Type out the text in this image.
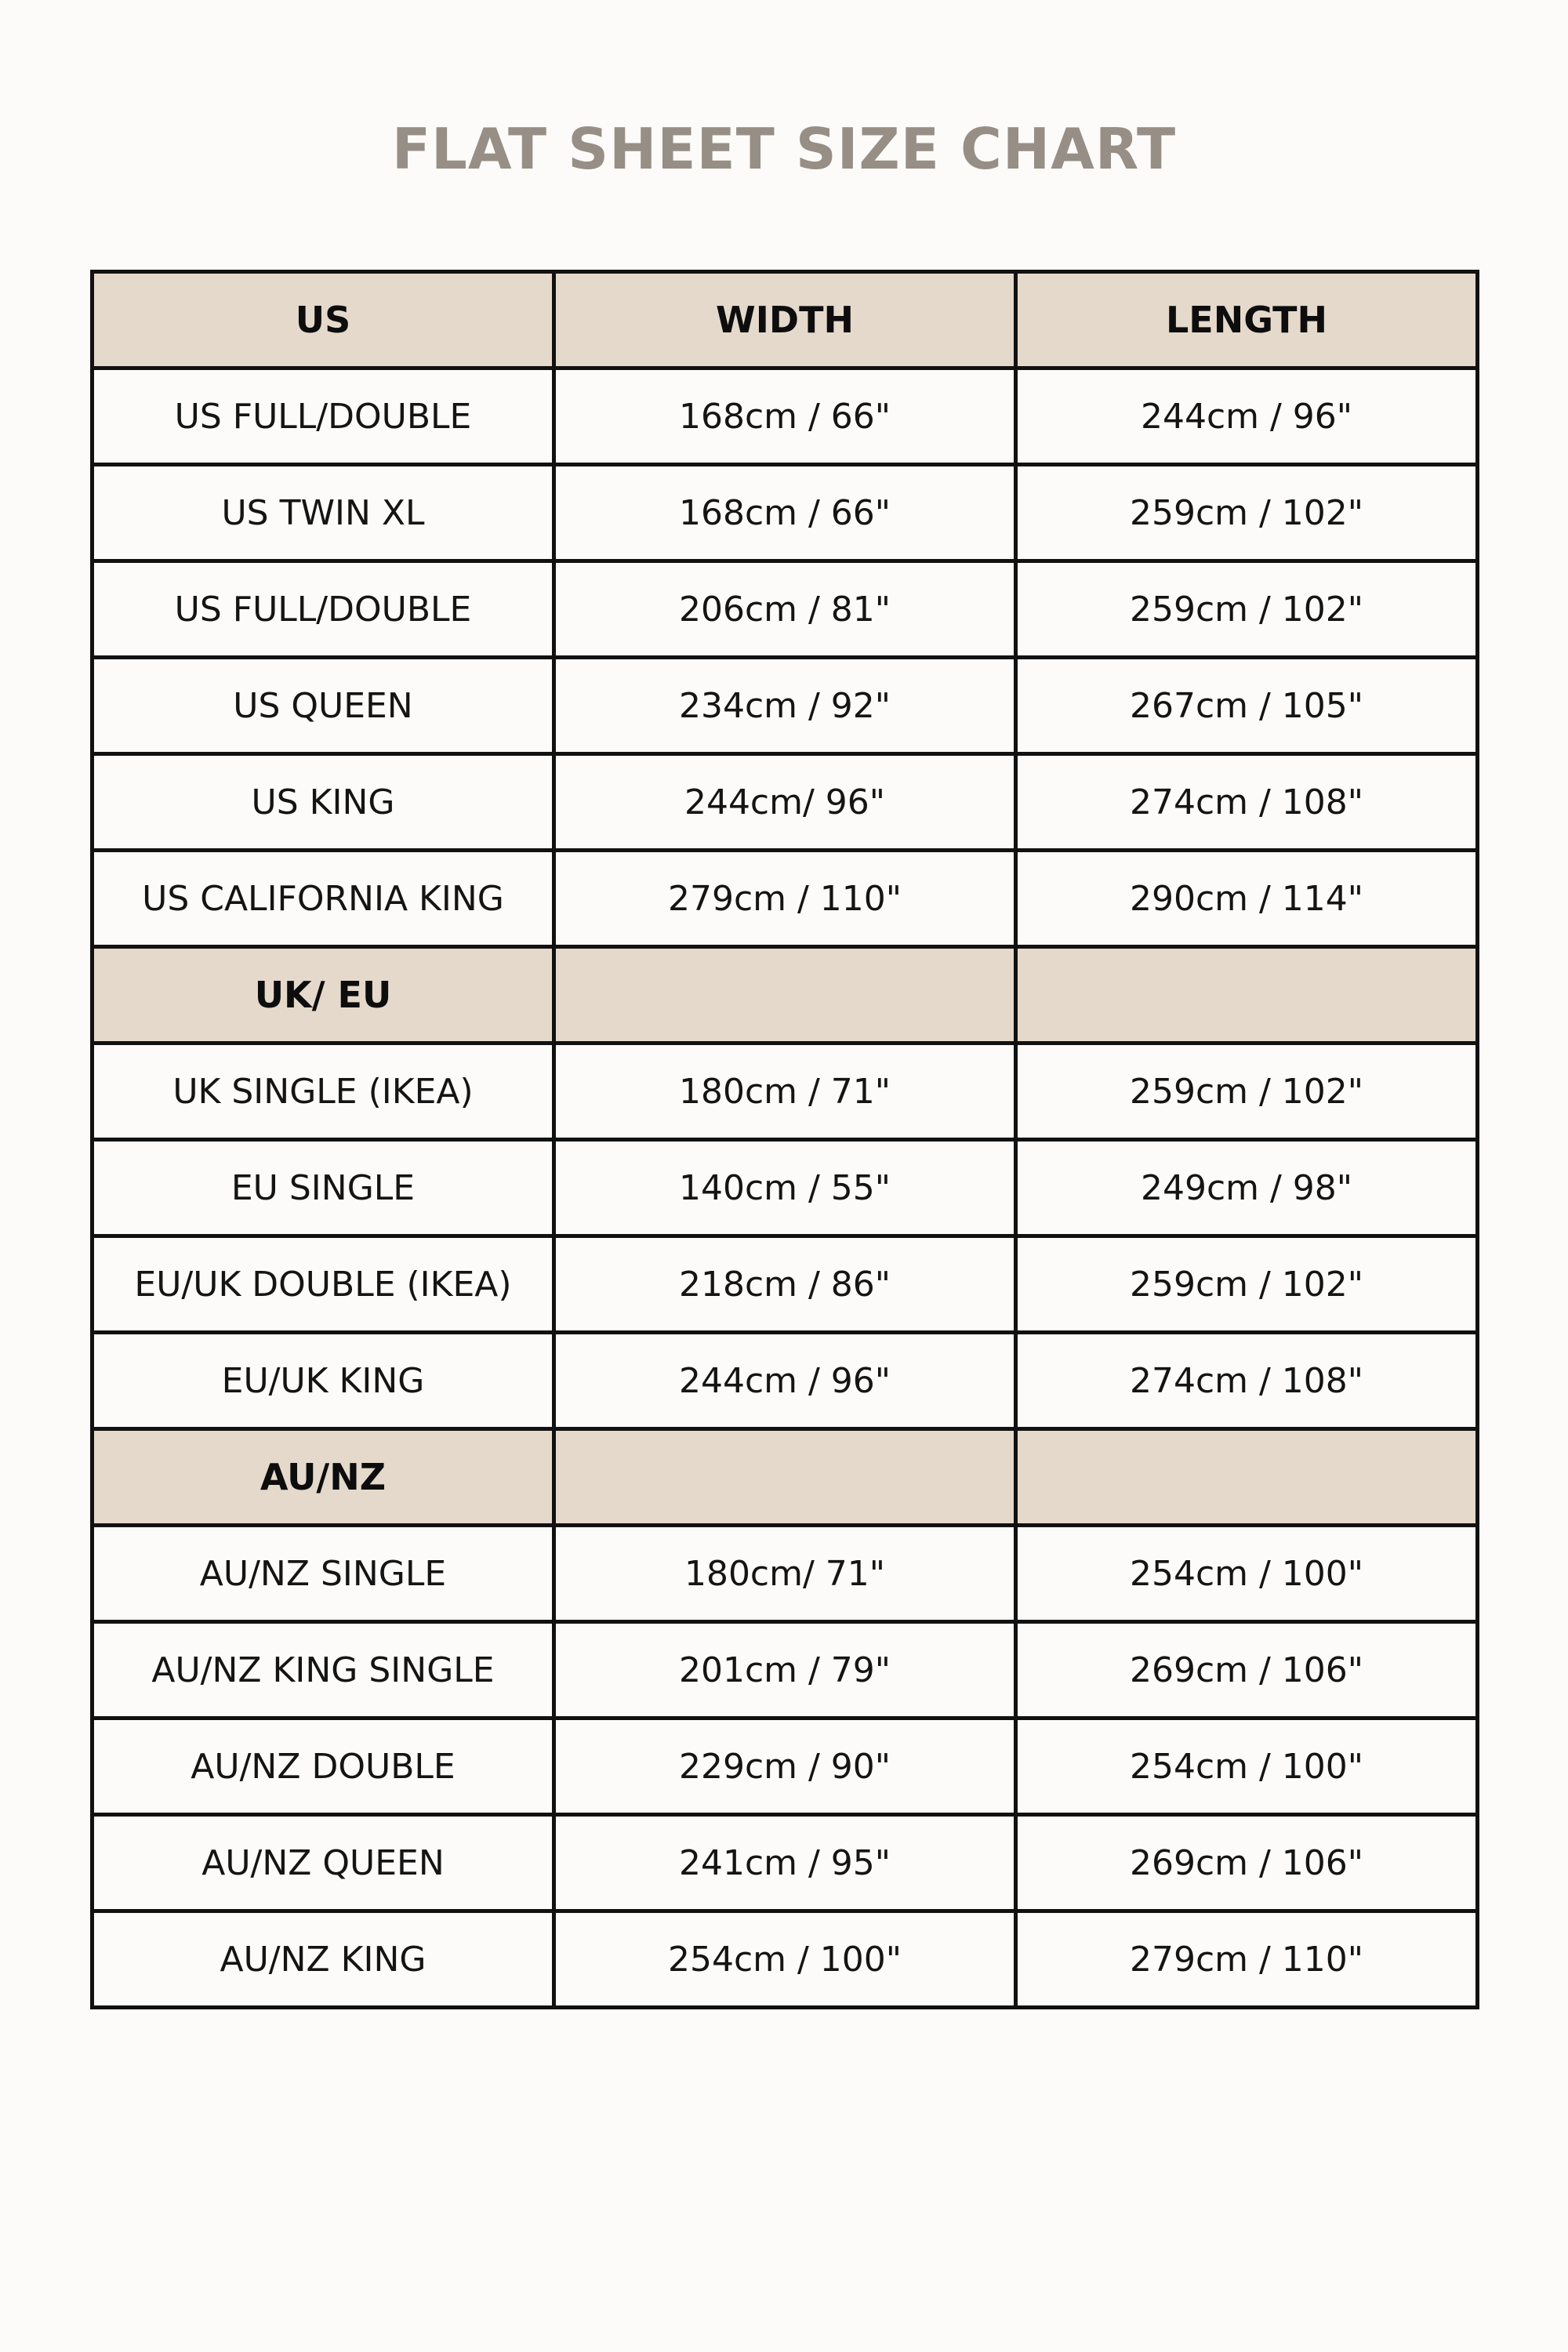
FLAT SHEET SIZE CHART
US	WIDTH	LENGTH
US FULL/DOUBLE	168cm / 66"	244cm / 96"
US TWIN XL	168cm / 66"	259cm / 102"
US FULL/DOUBLE	206cm / 81"	259cm / 102"
US QUEEN	234cm / 92"	267cm / 105"
US KING	244cm/ 96"	274cm / 108"
US CALIFORNIA KING	279cm / 110"	290cm / 114"
UK/ EU		
UK SINGLE (IKEA)	180cm / 71"	259cm / 102"
EU SINGLE	140cm / 55"	249cm / 98"
EU/UK DOUBLE (IKEA)	218cm / 86"	259cm / 102"
EU/UK KING	244cm / 96"	274cm / 108"
AU/NZ		
AU/NZ SINGLE	180cm/ 71"	254cm / 100"
AU/NZ KING SINGLE	201cm / 79"	269cm / 106"
AU/NZ DOUBLE	229cm / 90"	254cm / 100"
AU/NZ QUEEN	241cm / 95"	269cm / 106"
AU/NZ KING	254cm / 100"	279cm / 110"
